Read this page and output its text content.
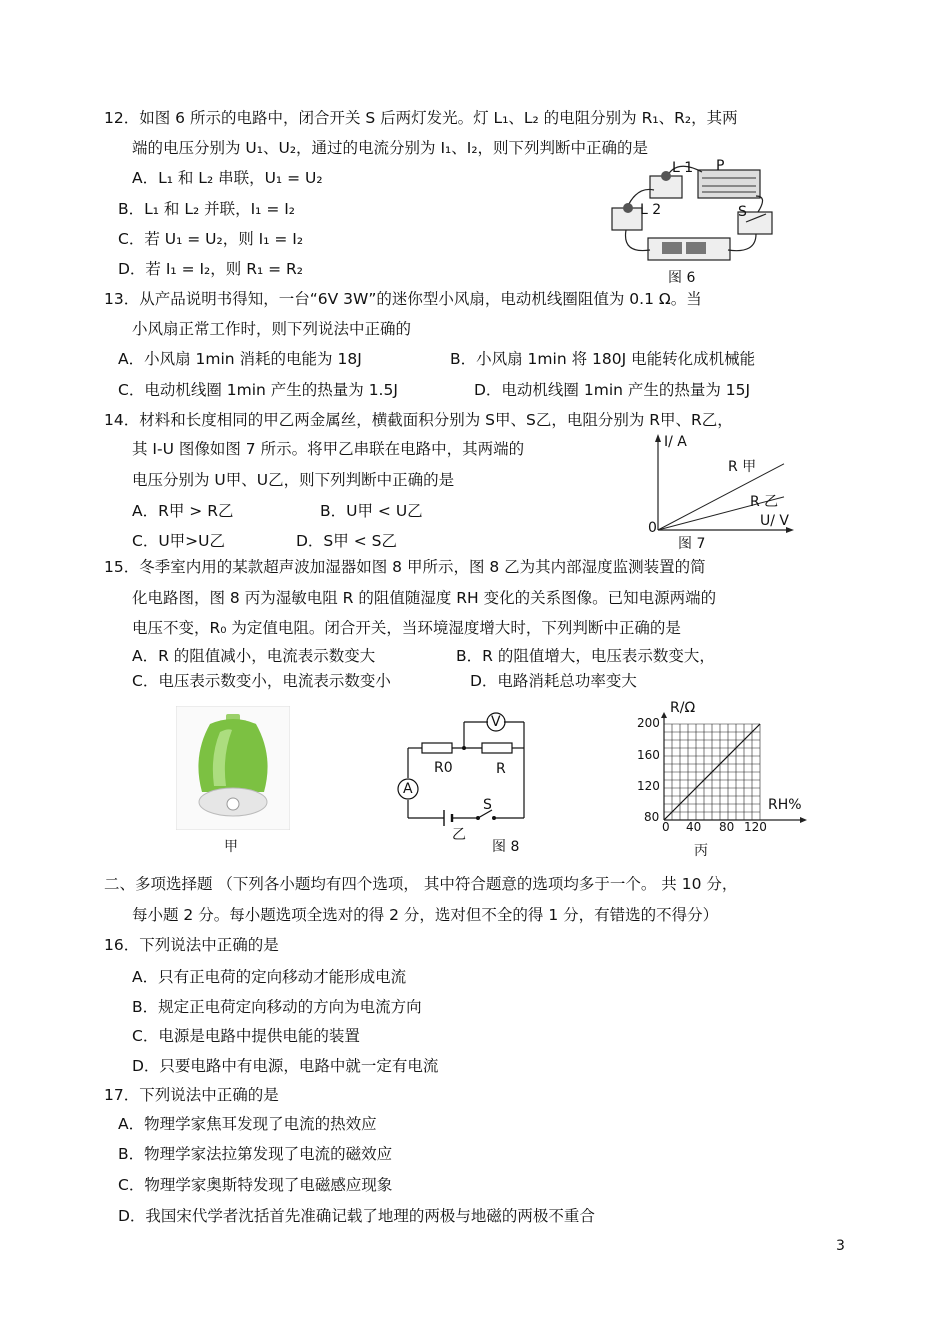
12．如图 6 所示的电路中，闭合开关 S 后两灯发光。灯 L₁、L₂ 的电阻分别为 R₁、R₂，其两
端的电压分别为 U₁、U₂，通过的电流分别为 I₁、I₂，则下列判断中正确的是
A．L₁ 和 L₂ 串联，U₁ = U₂
B．L₁ 和 L₂ 并联，I₁ = I₂
C．若 U₁ = U₂，则 I₁ = I₂
D．若 I₁ = I₂，则 R₁ = R₂
L 1 P
L 2	S
图 6
13．从产品说明书得知，一台“6V 3W”的迷你型小风扇，电动机线圈阻值为 0.1 Ω。当
小风扇正常工作时，则下列说法中正确的
A．小风扇 1min 消耗的电能为 18J	B．小风扇 1min 将 180J 电能转化成机械能
C．电动机线圈 1min 产生的热量为 1.5J	D．电动机线圈 1min 产生的热量为 15J
14．材料和长度相同的甲乙两金属丝，横截面积分别为 S甲、S乙，电阻分别为 R甲、R乙，
其 I-U 图像如图 7 所示。将甲乙串联在电路中，其两端的
电压分别为 U甲、U乙，则下列判断中正确的是
A．R甲 > R乙	B．U甲 < U乙
C．U甲>U乙	D．S甲 < S乙
I/ A
R 甲
R 乙
0	U/ V
图 7
15．冬季室内用的某款超声波加湿器如图 8 甲所示，图 8 乙为其内部湿度监测装置的简
化电路图，图 8 丙为湿敏电阻 R 的阻值随湿度 RH 变化的关系图像。已知电源两端的
电压不变，R₀ 为定值电阻。闭合开关，当环境湿度增大时，下列判断中正确的是
A．R 的阻值减小，电流表示数变大	B．R 的阻值增大，电压表示数变大，
C．电压表示数变小，电流表示数变小	D．电路消耗总功率变大
甲
V
R0	R
A
S
乙
图 8
R/Ω
200
160
120
80
0 40 80 120
RH%
丙
二、多项选择题 （下列各小题均有四个选项， 其中符合题意的选项均多于一个。 共 10 分，
每小题 2 分。每小题选项全选对的得 2 分，选对但不全的得 1 分，有错选的不得分）
16．下列说法中正确的是
A．只有正电荷的定向移动才能形成电流
B．规定正电荷定向移动的方向为电流方向
C．电源是电路中提供电能的装置
D．只要电路中有电源，电路中就一定有电流
17．下列说法中正确的是
A．物理学家焦耳发现了电流的热效应
B．物理学家法拉第发现了电流的磁效应
C．物理学家奥斯特发现了电磁感应现象
D．我国宋代学者沈括首先准确记载了地理的两极与地磁的两极不重合
3
